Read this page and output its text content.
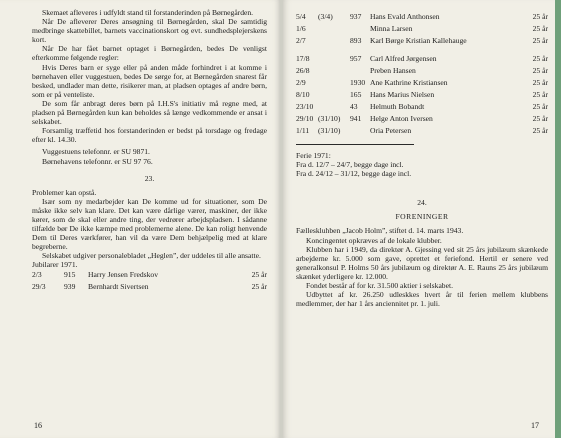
Skemaet afleveres i udfyldt stand til forstanderinden på Børnegården.

Når De afleverer Deres ansøgning til Børnegården, skal De samtidig medbringe skattebillet, barnets vaccinationskort og evt. sundhedsplejerskens kort.

Når De har fået barnet optaget i Børnegården, bedes De venligst efterkomme følgende regler:

Hvis Deres barn er syge eller på anden måde forhindret i at komme i børnehaven eller vuggestuen, bedes De sørge for, at Børnegården snarest får besked, undlader man dette, risikerer man, at pladsen optages af andre børn, som er på venteliste.

De som får anbragt deres børn på I.H.S's initiativ må regne med, at pladsen på Børnegården kun kan beholdes så længe vedkommende er ansat i selskabet.

Forsamlig træffetid hos forstanderinden er bedst på torsdage og fredage efter kl. 14.30.

Vuggestuens telefonnr. er SU 9871.

Børnehavens telefonnr. er SU 97 76.

23.

Problemer kan opstå.

Især som ny medarbejder kan De komme ud for situationer, som De måske ikke selv kan klare. Det kan være dårlige værer, maskiner, der ikke kører, som de skal eller andre ting, der vedrører arbejdspladsen. I sådanne tilfælde bør De ikke kæmpe med problemerne alene. De kan roligt henvende Dem til Deres værkfører, han vil da være Dem behjælpelig med at klare begreberne.

Selskabet udgiver personalebladet „Heglen”, der uddeles til alle ansatte.

Jubilarer 1971.

2/3	915	Harry Jensen Fredskov	25 år
29/3	939	Bernhardt Sivertsen	25 år
16
5/4	(3/4)	937	Hans Evald Anthonsen	25 år
1/6			Minna Larsen	25 år
2/7		893	Karl Børge Kristian Kallehauge	25 år
17/8		957	Carl Alfred Jørgensen	25 år
26/8			Preben Hansen	25 år
2/9		1930	Ane Kathrine Kristiansen	25 år
8/10		165	Hans Marius Nielsen	25 år
23/10		43	Helmuth Bobandt	25 år
29/10	(31/10)	941	Helge Anton Iversen	25 år
1/11	(31/10)		Oria Petersen	25 år

Ferie 1971:

Fra d. 12/7 – 24/7, begge dage incl.

Fra d. 24/12 – 31/12, begge dage incl.

24.
FORENINGER

Fælleskluhben „Jacob Holm”, stiftet d. 14. marts 1943.

Koncingentet opkræves af de lokale klubber.

Klubben har i 1949, da direktør A. Gjessing ved sit 25 års jubilæum skænkede arbejderne kr. 5.000 som gave, oprettet et feriefond. Hertil er senere ved generalkonsul P. Holms 50 års jubilæum og direktør A. E. Rauns 25 års jubilæum skænket yderligere kr. 12.000.

Fondet består af for kr. 31.500 aktier i selskabet.

Udbyttet af kr. 26.250 udleskkes hvert år til ferien mellem klubbens medlemmer, der har 1 års anciennitet pr. 1. juli.

17
